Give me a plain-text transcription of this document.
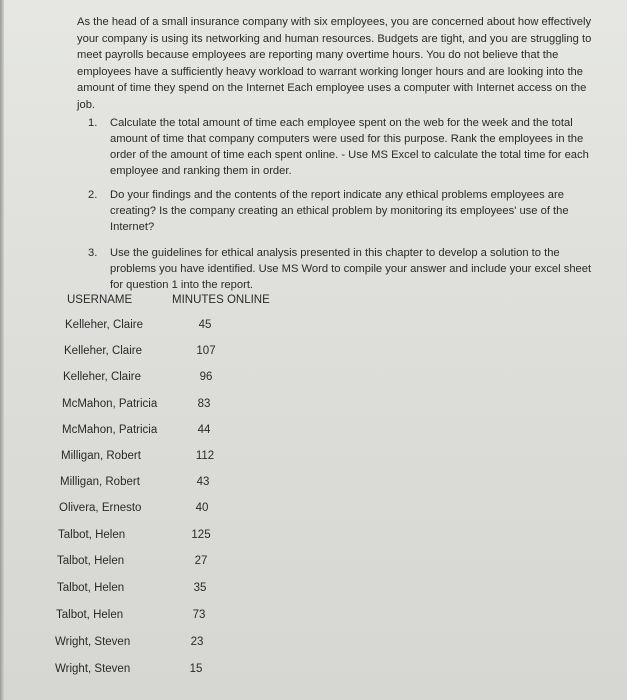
As the head of a small insurance company with six employees, you are concerned about how effectively your company is using its networking and human resources. Budgets are tight, and you are struggling to meet payrolls because employees are reporting many overtime hours. You do not believe that the employees have a sufficiently heavy workload to warrant working longer hours and are looking into the amount of time they spend on the Internet Each employee uses a computer with Internet access on the job.

1. Calculate the total amount of time each employee spent on the web for the week and the total amount of time that company computers were used for this purpose. Rank the employees in the order of the amount of time each spent online. - Use MS Excel to calculate the total time for each employee and ranking them in order.
2. Do your findings and the contents of the report indicate any ethical problems employees are creating? Is the company creating an ethical problem by monitoring its employees' use of the Internet?
3. Use the guidelines for ethical analysis presented in this chapter to develop a solution to the problems you have identified. Use MS Word to compile your answer and include your excel sheet for question 1 into the report.
USERNAME	MINUTES ONLINE
Kelleher, Claire	45
Kelleher, Claire	107
Kelleher, Claire	96
McMahon, Patricia	83
McMahon, Patricia	44
Milligan, Robert	112
Milligan, Robert	43
Olivera, Ernesto	40
Talbot, Helen	125
Talbot, Helen	27
Talbot, Helen	35
Talbot, Helen	73
Wright, Steven	23
Wright, Steven	15
